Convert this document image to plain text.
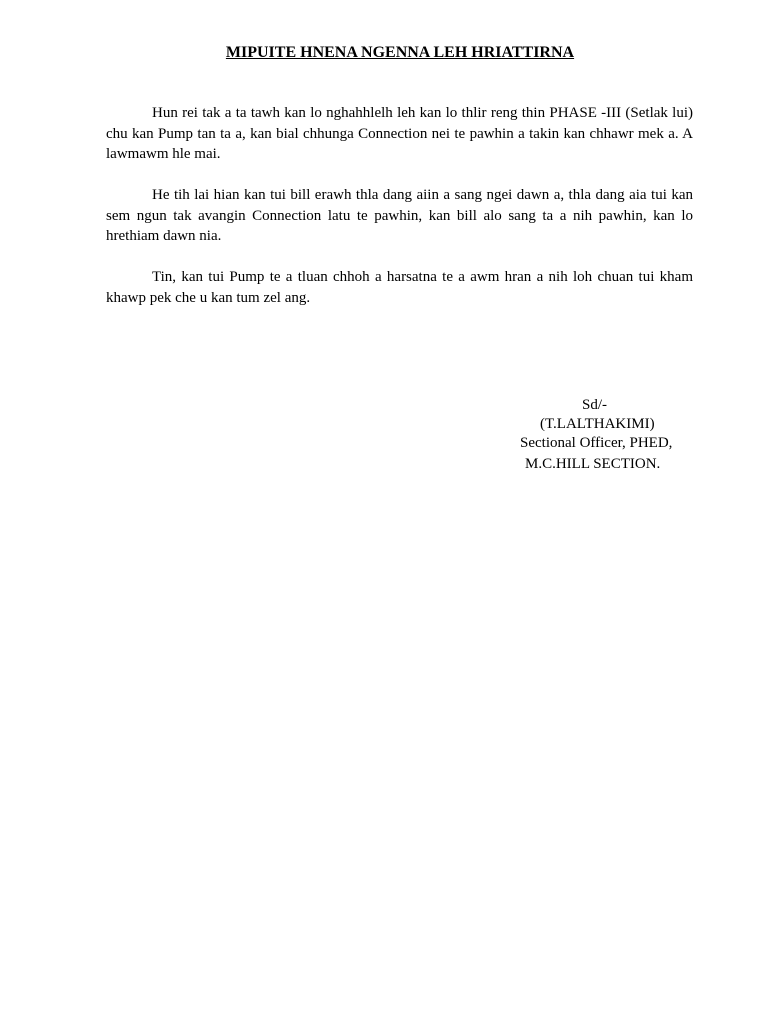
MIPUITE HNENA NGENNA LEH HRIATTIRNA

Hun rei tak a ta tawh kan lo nghahhlelh leh kan lo thlir reng thin PHASE -III (Setlak lui) chu kan Pump tan ta a, kan bial chhunga Connection nei te pawhin a takin kan chhawr mek a. A lawmawm hle mai.

He tih lai hian kan tui bill erawh thla dang aiin a sang ngei dawn a, thla dang aia tui kan sem ngun tak avangin Connection latu te pawhin, kan bill alo sang ta a nih pawhin, kan lo hrethiam dawn nia.

Tin, kan tui Pump te a tluan chhoh a harsatna te a awm hran a nih loh chuan tui kham khawp pek che u kan tum zel ang.

Sd/-
(T.LALTHAKIMI)
Sectional Officer, PHED,
M.C.HILL SECTION.
